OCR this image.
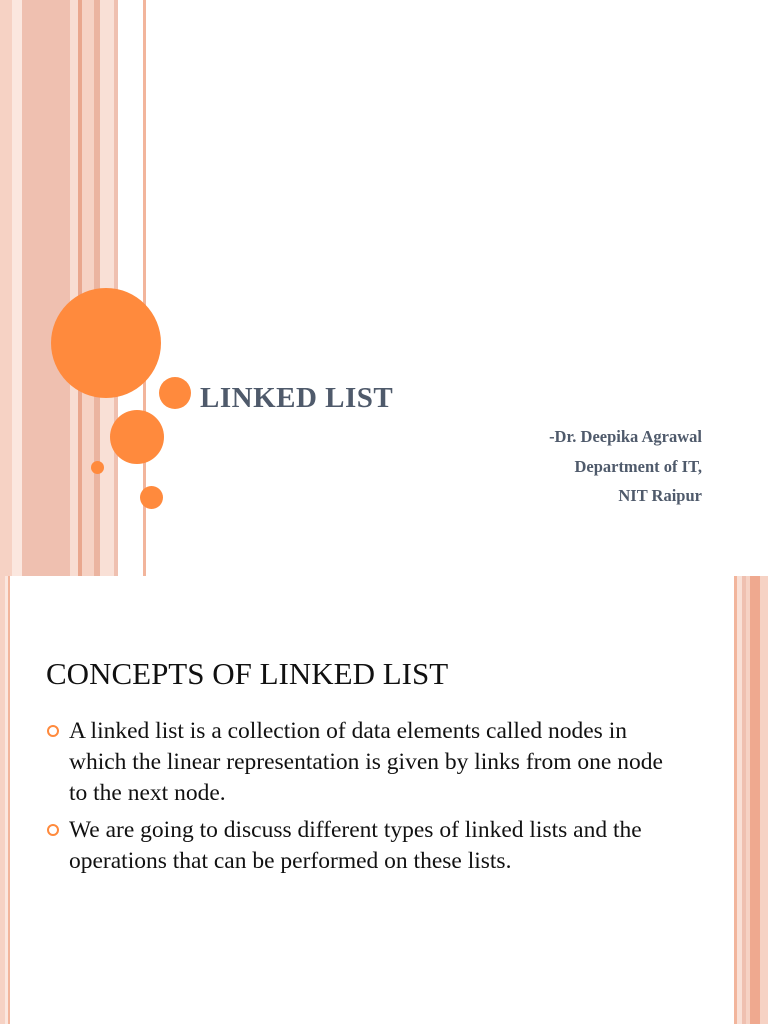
LINKED LIST
-Dr. Deepika Agrawal
Department of IT,
NIT Raipur
CONCEPTS OF LINKED LIST
A linked list is a collection of data elements called nodes in which the linear representation is given by links from one node to the next node.
We are going to discuss different types of linked lists and the operations that can be performed on these lists.
